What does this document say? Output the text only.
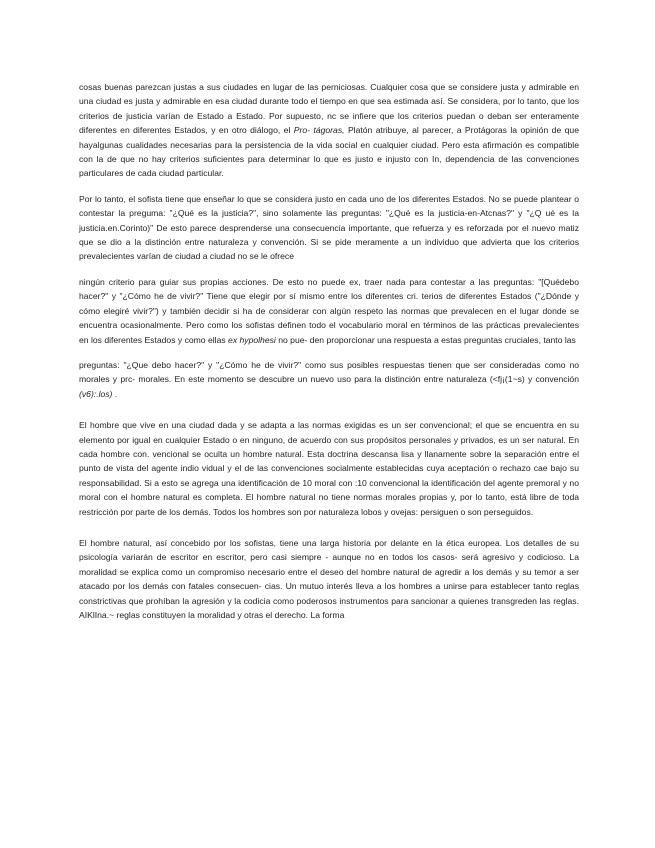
cosas buenas parezcan justas a sus ciudades en lugar de las perniciosas. Cualquier cosa que se considere justa y admirable en una ciudad es justa y admirable en esa ciudad durante todo el tiempo en que sea estimada así. Se considera, por lo tanto, que los criterios de justicia varían de Estado a Estado. Por supuesto, nc se infiere que los criterios puedan o deban ser enteramente diferentes en diferentes Estados, y en otro diálogo, el Pro- tágoras, Platón atribuye, al parecer, a Protágoras la opinión de que hayalgunas cualidades necesarias para la persistencia de la vida social en cualquier ciudad. Pero esta afirmación es compatible con la de que no hay criterios suficientes para determinar lo que es justo e injusto con In, dependencia de las convenciones particulares de cada ciudad particular.

Por lo tanto, el sofista tiene que enseñar lo que se considera justo en cada uno de los diferentes Estados. No se puede plantear o contestar la preguma: "¿Qué es la justicia?", sino solamente las preguntas: "¿Qué es la justicia-en-Atcnas?" y "¿Q ué es la justicia.en.Corinto)" De esto parece desprenderse una consecuencia importante, que refuerza y es reforzada por el nuevo matiz que se dio a la distinción entre naturaleza y convención. Si se pide meramente a un individuo que advierta que los criterios prevalecientes varían de ciudad a ciudad no se le ofrece

ningún criterio para guiar sus propias acciones. De esto no puede ex, traer nada para contestar a las preguntas: "[Quédebo hacer?" y "¿Cómo he de vivir?" Tiene que elegir por sí mismo entre los diferentes cri. terios de diferentes Estados ("¿Dónde y cómo elegiré vivir?") y también decidir si ha de considerar con algún respeto las normas que prevalecen en el lugar donde se encuentra ocasionalmente. Pero como los sofistas definen todo el vocabulario moral en términos de las prácticas prevalecientes en los diferentes Estados y como ellas ex hypolhesi no pue- den proporcionar una respuesta a estas preguntas cruciales, tanto las

preguntas: "¿Que debo hacer?" y "¿Cómo he de vivir?" como sus posibles respuestas tienen que ser consideradas como no morales y prc- morales. En este momento se descubre un nuevo uso para la distinción entre naturaleza (<fj¡(1~s) y convención (v6):.los) .

El hombre que vive en una ciudad dada y se adapta a las normas exigidas es un ser convencional; el que se encuentra en su elemento por igual en cualquier Estado o en ninguno, de acuerdo con sus propósitos personales y privados, es un ser natural. En cada hombre con. vencional se oculta un hombre natural. Esta doctrina descansa lisa y llanamente sobre la separación entre el punto de vista del agente indio vidual y el de las convenciones socialmente establecidas cuya aceptación o rechazo cae bajo su responsabilidad. Si a esto se agrega una identificación de 10 moral con :10 convencional la identificación del agente premoral y no moral con el hombre natural es completa. El hombre natural no tiene normas morales propias y, por lo tanto, está libre de toda restricción por parte de los demás. Todos los hombres son por naturaleza lobos y ovejas: persiguen o son perseguidos.

El hombre natural, así concebido por los sofistas, tiene una larga historia por delante en la ética europea. Los detalles de su psicología variarán de escritor en escritor, pero casi siempre - aunque no en todos los casos- será agresivo y codicioso. La moralidad se explica como un compromiso necesario entre el deseo del hombre natural de agredir a los demás y su temor a ser atacado por los demás con fatales consecuen- cias. Un mutuo interés lleva a los hombres a unirse para establecer tanto reglas constrictivas que prohíban la agresión y la codicia como poderosos instrumentos para sancionar a quienes transgreden las reglas. AIKlIna.~ reglas constituyen la moralidad y otras el derecho. La forma
